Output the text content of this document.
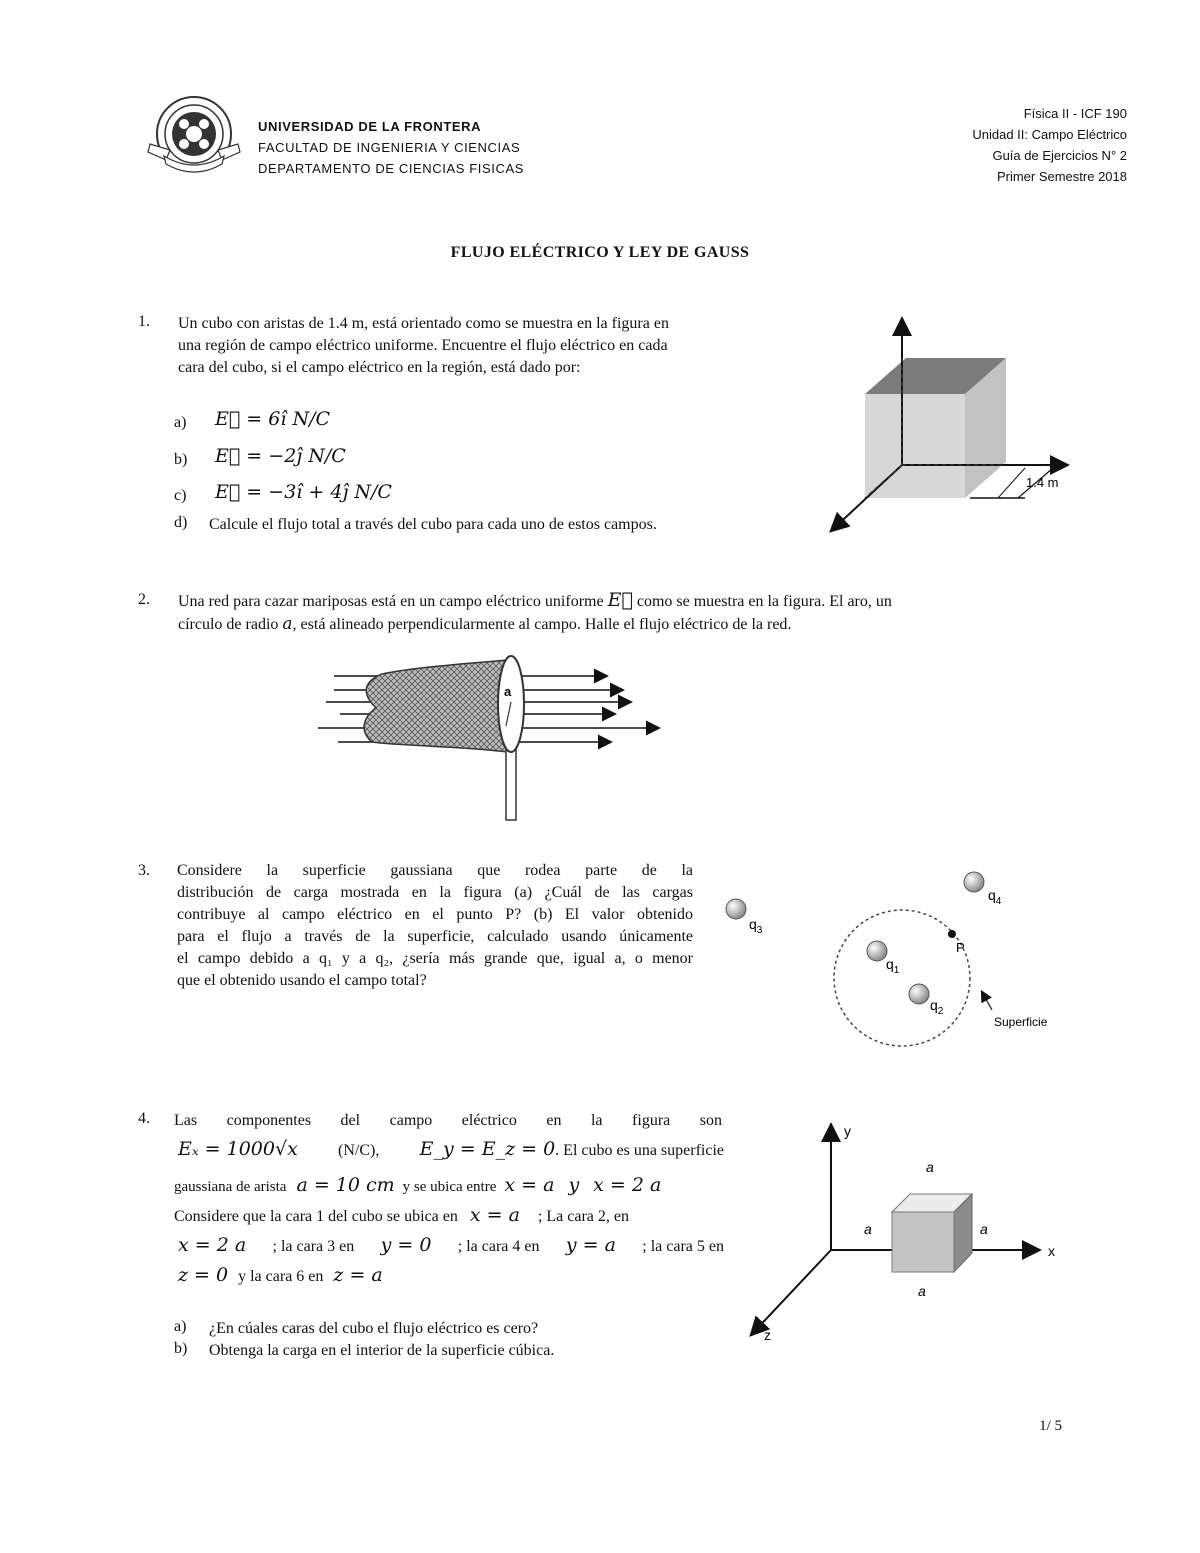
UNIVERSIDAD DE LA FRONTERA
FACULTAD DE INGENIERIA Y CIENCIAS
DEPARTAMENTO DE CIENCIAS FISICAS
Física II - ICF 190
Unidad II: Campo Eléctrico
Guía de Ejercicios N° 2
Primer Semestre 2018
FLUJO ELÉCTRICO Y LEY DE GAUSS
1. Un cubo con aristas de 1.4 m, está orientado como se muestra en la figura en
una región de campo eléctrico uniforme. Encuentre el flujo eléctrico en cada
cara del cubo, si el campo eléctrico en la región, está dado por:
a) E⃗ = 6î N/C
b) E⃗ = −2ĵ N/C
c) E⃗ = −3î + 4ĵ N/C
d) Calcule el flujo total a través del cubo para cada uno de estos campos.
1.4 m
2. Una red para cazar mariposas está en un campo eléctrico uniforme E⃗ como se muestra en la figura. El aro, un
círculo de radio a, está alineado perpendicularmente al campo. Halle el flujo eléctrico de la red.
a
3. Considere la superficie gaussiana que rodea parte de la
distribución de carga mostrada en la figura (a) ¿Cuál de las cargas
contribuye al campo eléctrico en el punto P? (b) El valor obtenido
para el flujo a través de la superficie, calculado usando únicamente
el campo debido a q₁ y a q₂, ¿sería más grande que, igual a, o menor
que el obtenido usando el campo total?
$q_3$
$q_4$
$q_1$
$q_2$
P
Superficie
4. Las componentes del campo eléctrico en la figura son
Eₓ = 1000√x	(N/C), E_y = E_z = 0. El cubo es una superficie
gaussiana de arista a = 10 cm y se ubica entre x = a y x = 2 a
Considere que la cara 1 del cubo se ubica en x = a ; La cara 2, en
x = 2 a ; la cara 3 en y = 0 ; la cara 4 en y = a ; la cara 5 en
z = 0 y la cara 6 en z = a
a) ¿En cúales caras del cubo el flujo eléctrico es cero?
b) Obtenga la carga en el interior de la superficie cúbica.
y
x
z
a
a	a
a
1/ 5
